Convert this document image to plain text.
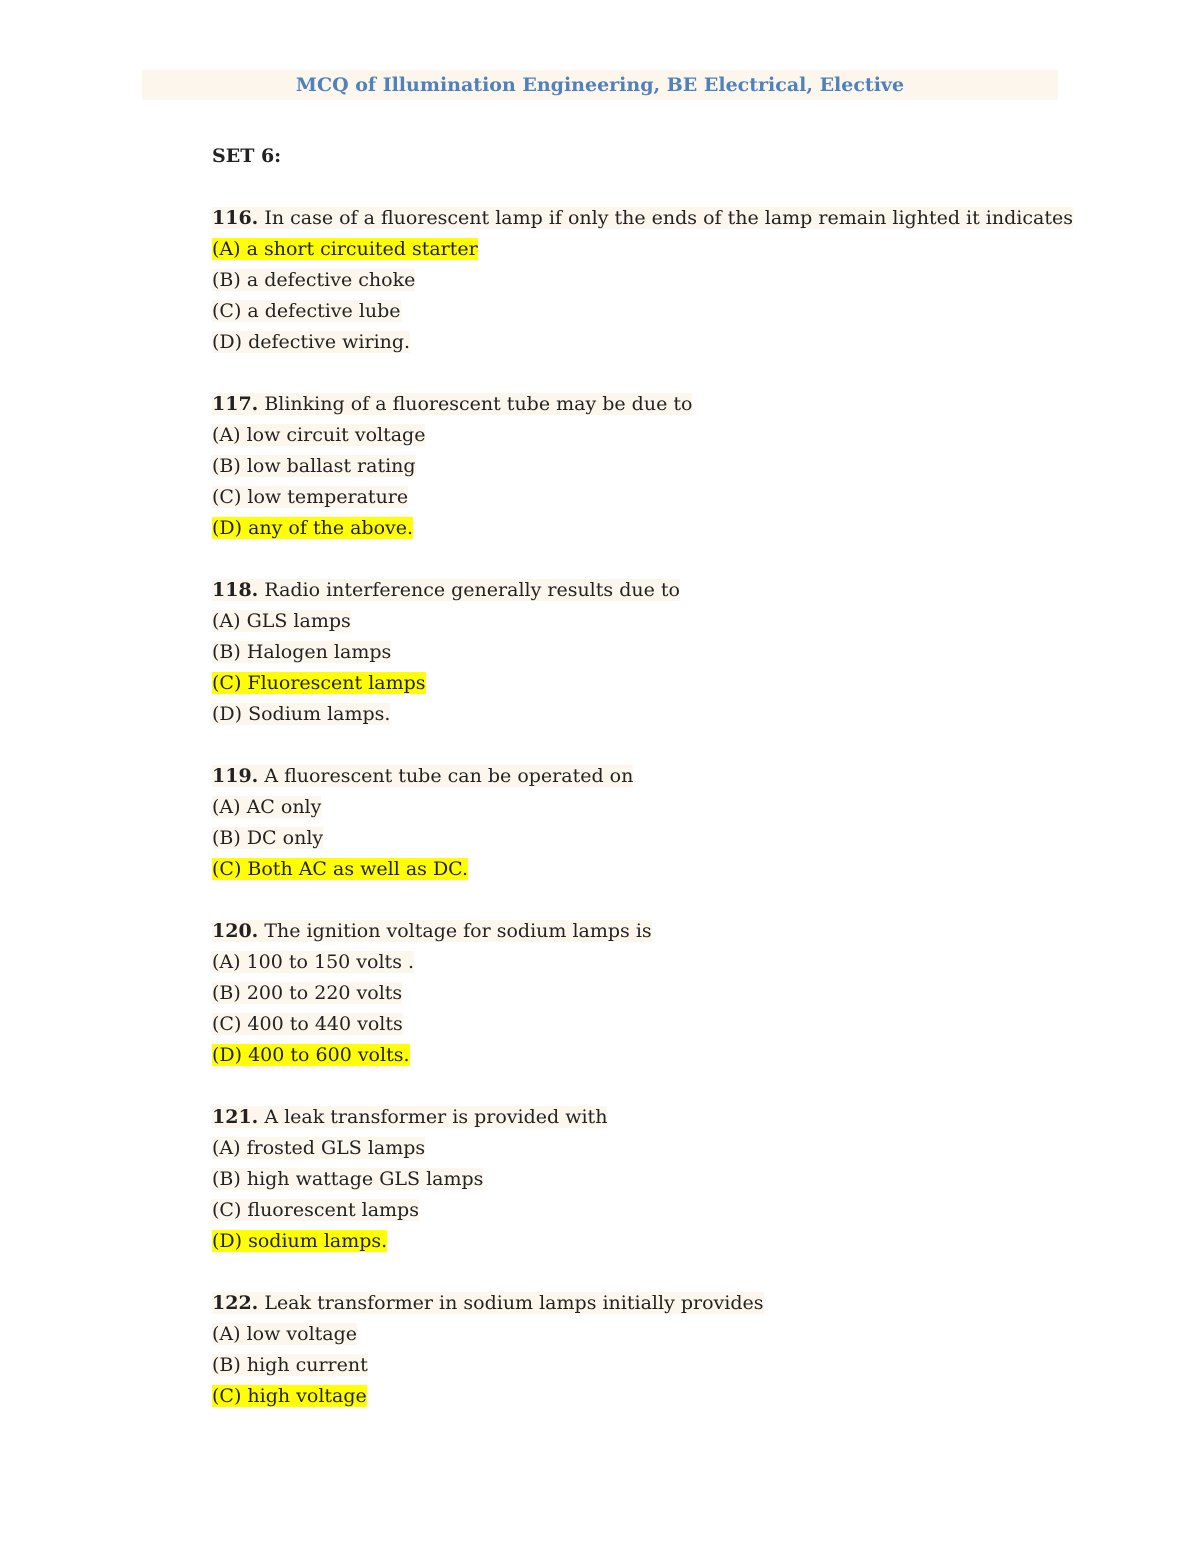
MCQ of Illumination Engineering, BE Electrical, Elective
SET 6:
116. In case of a fluorescent lamp if only the ends of the lamp remain lighted it indicates
(A) a short circuited starter
(B) a defective choke
(C) a defective lube
(D) defective wiring.
117. Blinking of a fluorescent tube may be due to
(A) low circuit voltage
(B) low ballast rating
(C) low temperature
(D) any of the above.
118. Radio interference generally results due to
(A) GLS lamps
(B) Halogen lamps
(C) Fluorescent lamps
(D) Sodium lamps.
119. A fluorescent tube can be operated on
(A) AC only
(B) DC only
(C) Both AC as well as DC.
120. The ignition voltage for sodium lamps is
(A) 100 to 150 volts .
(B) 200 to 220 volts
(C) 400 to 440 volts
(D) 400 to 600 volts.
121. A leak transformer is provided with
(A) frosted GLS lamps
(B) high wattage GLS lamps
(C) fluorescent lamps
(D) sodium lamps.
122. Leak transformer in sodium lamps initially provides
(A) low voltage
(B) high current
(C) high voltage
